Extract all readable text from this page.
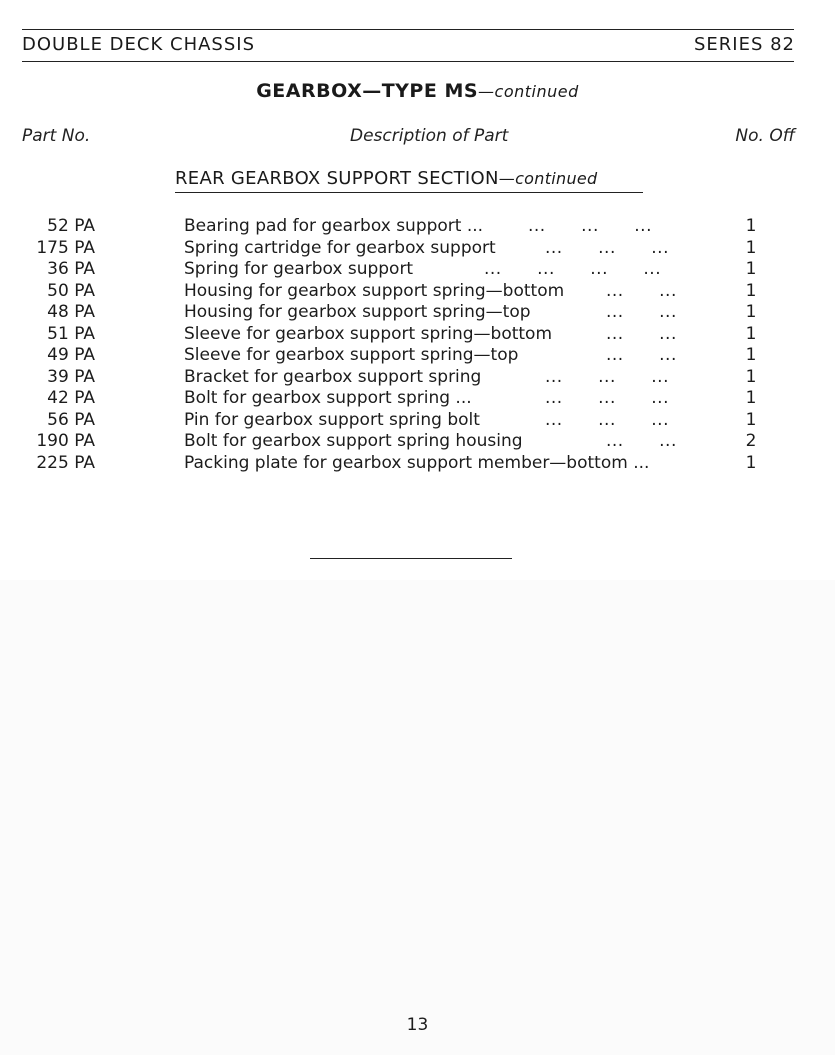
DOUBLE DECK CHASSIS	SERIES 82
GEARBOX—TYPE MS—continued
Part No.	Description of Part	No. Off
REAR GEARBOX SUPPORT SECTION—continued
52 PA	Bearing pad for gearbox support ...	...      ...      ...	1
175 PA	Spring cartridge for gearbox support	...      ...      ...	1
36 PA	Spring for gearbox support	...      ...      ...      ...	1
50 PA	Housing for gearbox support spring—bottom ...      ...	1
48 PA	Housing for gearbox support spring—top	...      ...	1
51 PA	Sleeve for gearbox support spring—bottom	...      ...	1
49 PA	Sleeve for gearbox support spring—top	...      ...	1
39 PA	Bracket for gearbox support spring	...      ...      ...	1
42 PA	Bolt for gearbox support spring ...	...      ...      ...	1
56 PA	Pin for gearbox support spring bolt	...      ...      ...	1
190 PA	Bolt for gearbox support spring housing	...      ...	2
225 PA	Packing plate for gearbox support member—bottom ...	1
13
